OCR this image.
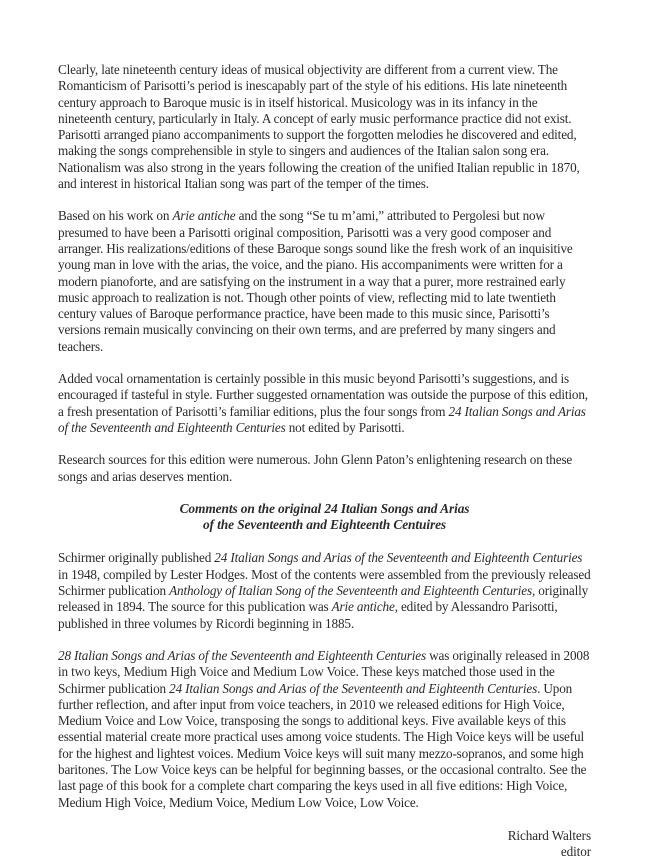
Clearly, late nineteenth century ideas of musical objectivity are different from a current view. The Romanticism of Parisotti’s period is inescapably part of the style of his editions. His late nineteenth century approach to Baroque music is in itself historical. Musicology was in its infancy in the nineteenth century, particularly in Italy. A concept of early music performance practice did not exist. Parisotti arranged piano accompaniments to support the forgotten melodies he discovered and edited, making the songs comprehensible in style to singers and audiences of the Italian salon song era. Nationalism was also strong in the years following the creation of the unified Italian republic in 1870, and interest in historical Italian song was part of the temper of the times.

Based on his work on Arie antiche and the song “Se tu m’ami,” attributed to Pergolesi but now presumed to have been a Parisotti original composition, Parisotti was a very good composer and arranger. His realizations/editions of these Baroque songs sound like the fresh work of an inquisitive young man in love with the arias, the voice, and the piano. His accompaniments were written for a modern pianoforte, and are satisfying on the instrument in a way that a purer, more restrained early music approach to realization is not. Though other points of view, reflecting mid to late twentieth century values of Baroque performance practice, have been made to this music since, Parisotti’s versions remain musically convincing on their own terms, and are preferred by many singers and teachers.

Added vocal ornamentation is certainly possible in this music beyond Parisotti’s suggestions, and is encouraged if tasteful in style. Further suggested ornamentation was outside the purpose of this edition, a fresh presentation of Parisotti’s familiar editions, plus the four songs from 24 Italian Songs and Arias of the Seventeenth and Eighteenth Centuries not edited by Parisotti.

Research sources for this edition were numerous. John Glenn Paton’s enlightening research on these songs and arias deserves mention.

Comments on the original 24 Italian Songs and Arias
of the Seventeenth and Eighteenth Centuires

Schirmer originally published 24 Italian Songs and Arias of the Seventeenth and Eighteenth Centuries in 1948, compiled by Lester Hodges. Most of the contents were assembled from the previously released Schirmer publication Anthology of Italian Song of the Seventeenth and Eighteenth Centuries, originally released in 1894. The source for this publication was Arie antiche, edited by Alessandro Parisotti, published in three volumes by Ricordi beginning in 1885.

28 Italian Songs and Arias of the Seventeenth and Eighteenth Centuries was originally released in 2008 in two keys, Medium High Voice and Medium Low Voice. These keys matched those used in the Schirmer publication 24 Italian Songs and Arias of the Seventeenth and Eighteenth Centuries. Upon further reflection, and after input from voice teachers, in 2010 we released editions for High Voice, Medium Voice and Low Voice, transposing the songs to additional keys. Five available keys of this essential material create more practical uses among voice students. The High Voice keys will be useful for the highest and lightest voices. Medium Voice keys will suit many mezzo-sopranos, and some high baritones. The Low Voice keys can be helpful for beginning basses, or the occasional contralto. See the last page of this book for a complete chart comparing the keys used in all five editions: High Voice, Medium High Voice, Medium Voice, Medium Low Voice, Low Voice.

Richard Walters
editor
